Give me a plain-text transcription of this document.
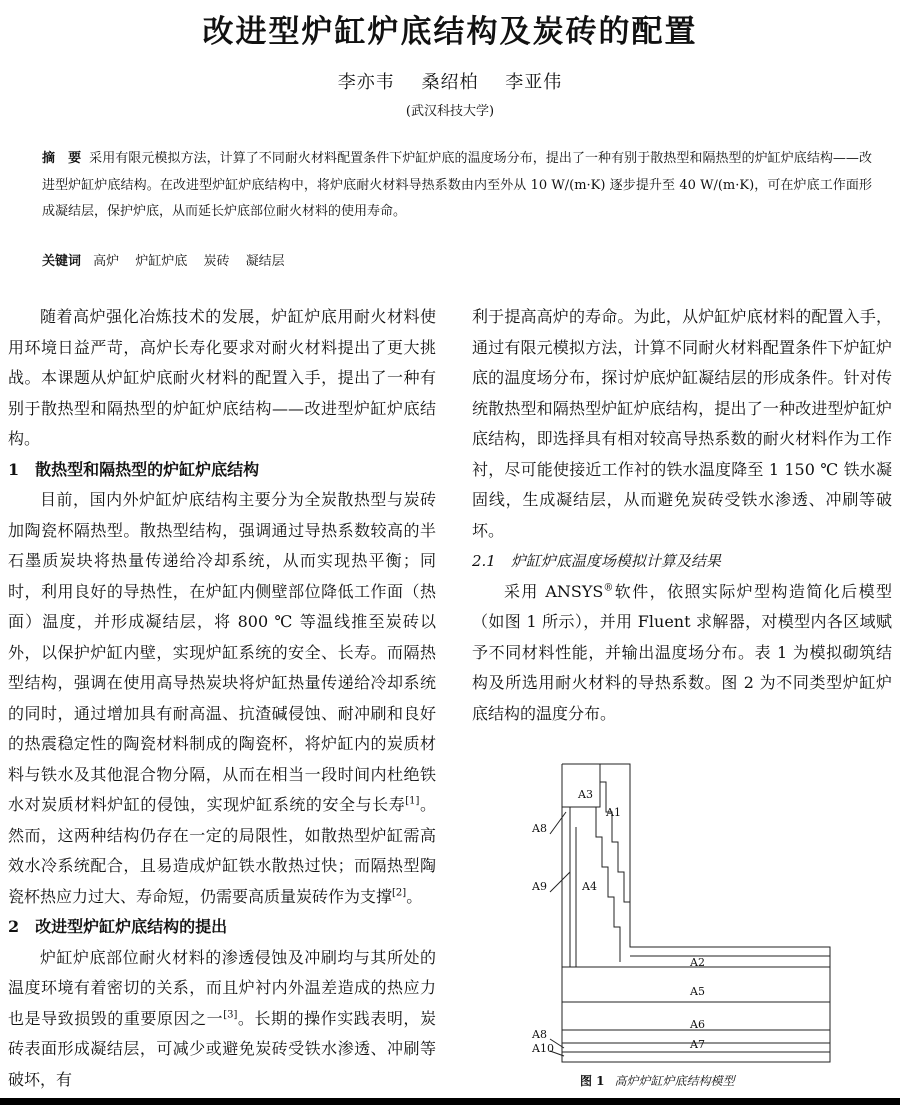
改进型炉缸炉底结构及炭砖的配置
李亦韦 桑绍柏 李亚伟
(武汉科技大学)
摘　要 采用有限元模拟方法，计算了不同耐火材料配置条件下炉缸炉底的温度场分布，提出了一种有别于散热型和隔热型的炉缸炉底结构——改进型炉缸炉底结构。在改进型炉缸炉底结构中，将炉底耐火材料导热系数由内至外从 10 W/(m·K) 逐步提升至 40 W/(m·K)，可在炉底工作面形成凝结层，保护炉底，从而延长炉底部位耐火材料的使用寿命。
关键词 高炉 炉缸炉底 炭砖 凝结层

随着高炉强化冶炼技术的发展，炉缸炉底用耐火材料使用环境日益严苛，高炉长寿化要求对耐火材料提出了更大挑战。本课题从炉缸炉底耐火材料的配置入手，提出了一种有别于散热型和隔热型的炉缸炉底结构——改进型炉缸炉底结构。

1　散热型和隔热型的炉缸炉底结构

目前，国内外炉缸炉底结构主要分为全炭散热型与炭砖加陶瓷杯隔热型。散热型结构，强调通过导热系数较高的半石墨质炭块将热量传递给冷却系统，从而实现热平衡；同时，利用良好的导热性，在炉缸内侧壁部位降低工作面（热面）温度，并形成凝结层，将 800 ℃ 等温线推至炭砖以外，以保护炉缸内壁，实现炉缸系统的安全、长寿。而隔热型结构，强调在使用高导热炭块将炉缸热量传递给冷却系统的同时，通过增加具有耐高温、抗渣碱侵蚀、耐冲刷和良好的热震稳定性的陶瓷材料制成的陶瓷杯，将炉缸内的炭质材料与铁水及其他混合物分隔，从而在相当一段时间内杜绝铁水对炭质材料炉缸的侵蚀，实现炉缸系统的安全与长寿[1]。然而，这两种结构仍存在一定的局限性，如散热型炉缸需高效水冷系统配合，且易造成炉缸铁水散热过快；而隔热型陶瓷杯热应力过大、寿命短，仍需要高质量炭砖作为支撑[2]。

2　改进型炉缸炉底结构的提出

炉缸炉底部位耐火材料的渗透侵蚀及冲刷均与其所处的温度环境有着密切的关系，而且炉衬内外温差造成的热应力也是导致损毁的重要原因之一[3]。长期的操作实践表明，炭砖表面形成凝结层，可减少或避免炭砖受铁水渗透、冲刷等破坏，有

利于提高高炉的寿命。为此，从炉缸炉底材料的配置入手，通过有限元模拟方法，计算不同耐火材料配置条件下炉缸炉底的温度场分布，探讨炉底炉缸凝结层的形成条件。针对传统散热型和隔热型炉缸炉底结构，提出了一种改进型炉缸炉底结构，即选择具有相对较高导热系数的耐火材料作为工作衬，尽可能使接近工作衬的铁水温度降至 1 150 ℃ 铁水凝固线，生成凝结层，从而避免炭砖受铁水渗透、冲刷等破坏。

2.1　炉缸炉底温度场模拟计算及结果

采用 ANSYS®软件，依照实际炉型构造简化后模型（如图 1 所示），并用 Fluent 求解器，对模型内各区域赋予不同材料性能，并输出温度场分布。表 1 为模拟砌筑结构及所选用耐火材料的导热系数。图 2 为不同类型炉缸炉底结构的温度分布。

A3
A1
A8
A9	A4
A2
A5
A6
A7
A8
A10
图 1 高炉炉缸炉底结构模型
